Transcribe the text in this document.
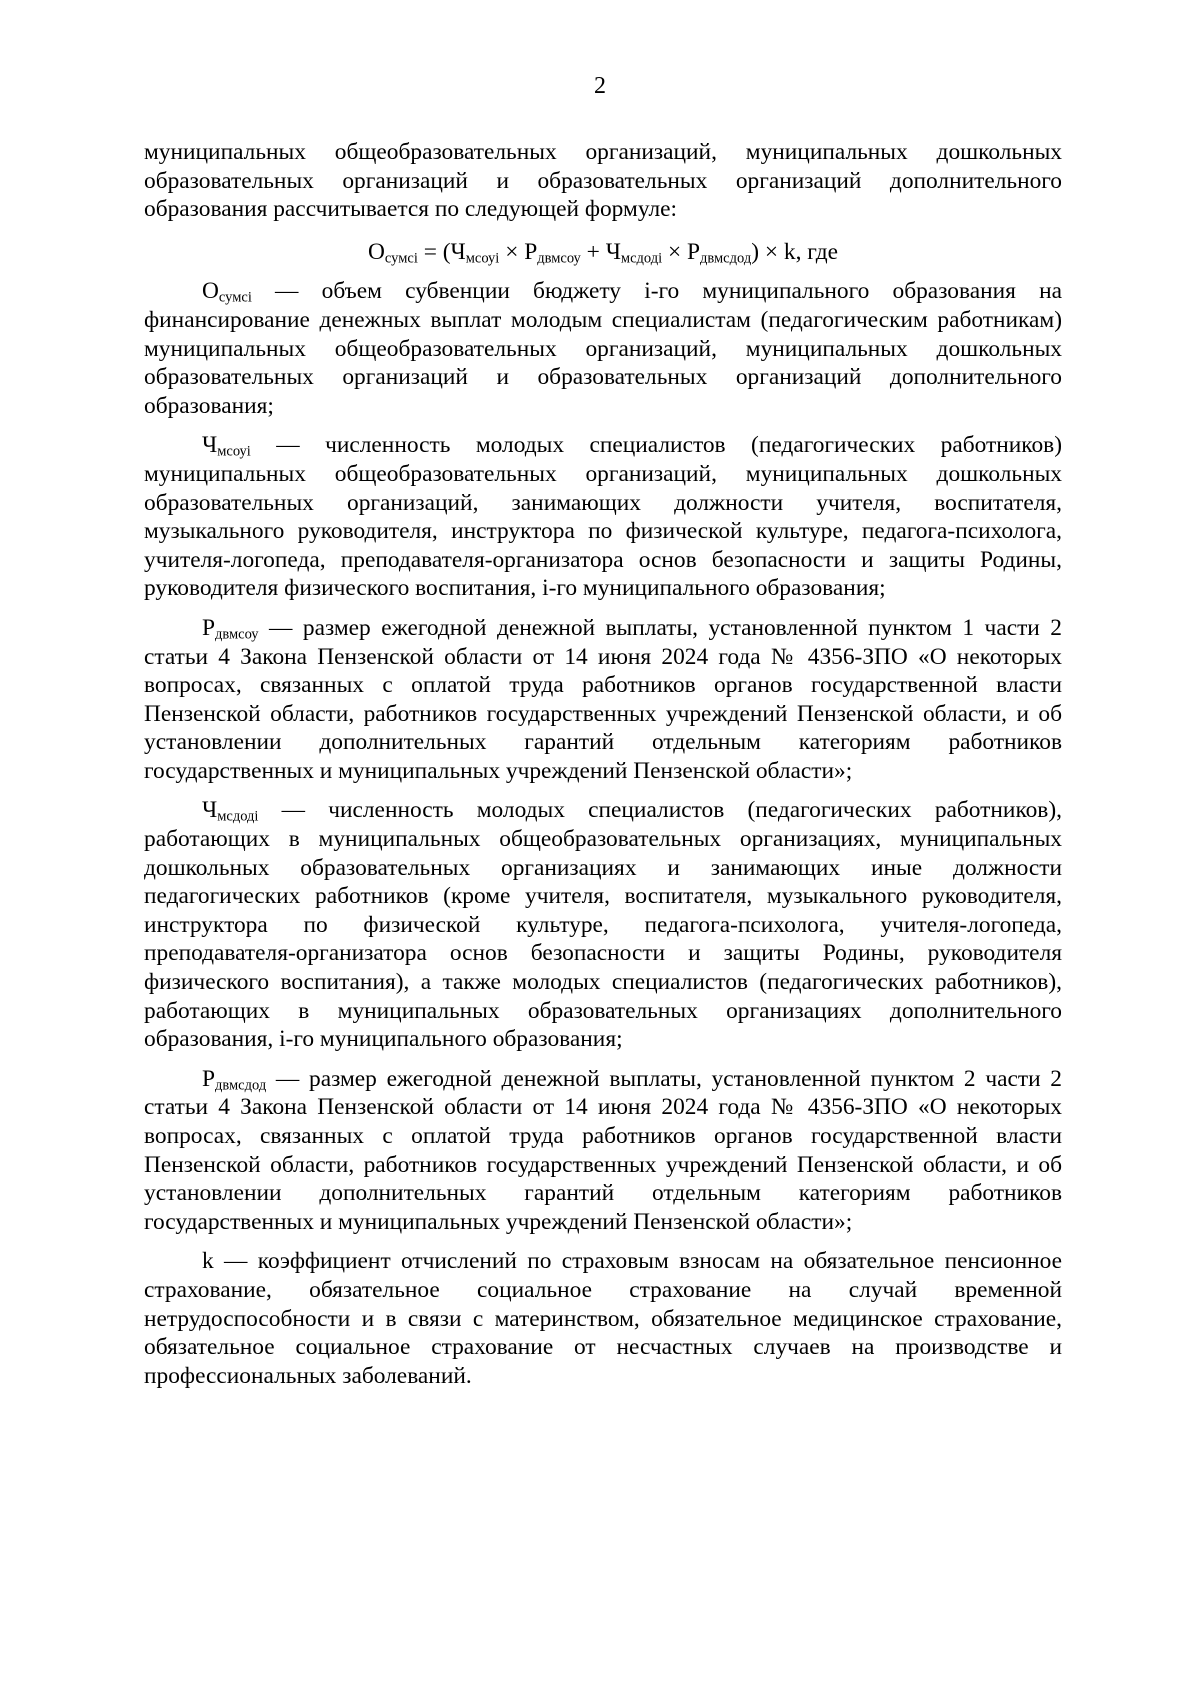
2

муниципальных общеобразовательных организаций, муниципальных дошкольных образовательных организаций и образовательных организаций дополнительного образования рассчитывается по следующей формуле:

$О_{сумсi} = (Ч_{мсоуi} \times Р_{двмсоу} + Ч_{мсдодi} \times Р_{двмсдод}) \times k$, где

$О_{сумсi}$ — объем субвенции бюджету i-го муниципального образования на финансирование денежных выплат молодым специалистам (педагогическим работникам) муниципальных общеобразовательных организаций, муниципальных дошкольных образовательных организаций и образовательных организаций дополнительного образования;

$Ч_{мсоуi}$ — численность молодых специалистов (педагогических работников) муниципальных общеобразовательных организаций, муниципальных дошкольных образовательных организаций, занимающих должности учителя, воспитателя, музыкального руководителя, инструктора по физической культуре, педагога-психолога, учителя-логопеда, преподавателя-организатора основ безопасности и защиты Родины, руководителя физического воспитания, i-го муниципального образования;

$Р_{двмсоу}$ — размер ежегодной денежной выплаты, установленной пунктом 1 части 2 статьи 4 Закона Пензенской области от 14 июня 2024 года № 4356-ЗПО «О некоторых вопросах, связанных с оплатой труда работников органов государственной власти Пензенской области, работников государственных учреждений Пензенской области, и об установлении дополнительных гарантий отдельным категориям работников государственных и муниципальных учреждений Пензенской области»;

$Ч_{мсдодi}$ — численность молодых специалистов (педагогических работников), работающих в муниципальных общеобразовательных организациях, муниципальных дошкольных образовательных организациях и занимающих иные должности педагогических работников (кроме учителя, воспитателя, музыкального руководителя, инструктора по физической культуре, педагога-психолога, учителя-логопеда, преподавателя-организатора основ безопасности и защиты Родины, руководителя физического воспитания), а также молодых специалистов (педагогических работников), работающих в муниципальных образовательных организациях дополнительного образования, i-го муниципального образования;

$Р_{двмсдод}$ — размер ежегодной денежной выплаты, установленной пунктом 2 части 2 статьи 4 Закона Пензенской области от 14 июня 2024 года № 4356-ЗПО «О некоторых вопросах, связанных с оплатой труда работников органов государственной власти Пензенской области, работников государственных учреждений Пензенской области, и об установлении дополнительных гарантий отдельным категориям работников государственных и муниципальных учреждений Пензенской области»;

k — коэффициент отчислений по страховым взносам на обязательное пенсионное страхование, обязательное социальное страхование на случай временной нетрудоспособности и в связи с материнством, обязательное медицинское страхование, обязательное социальное страхование от несчастных случаев на производстве и профессиональных заболеваний.
